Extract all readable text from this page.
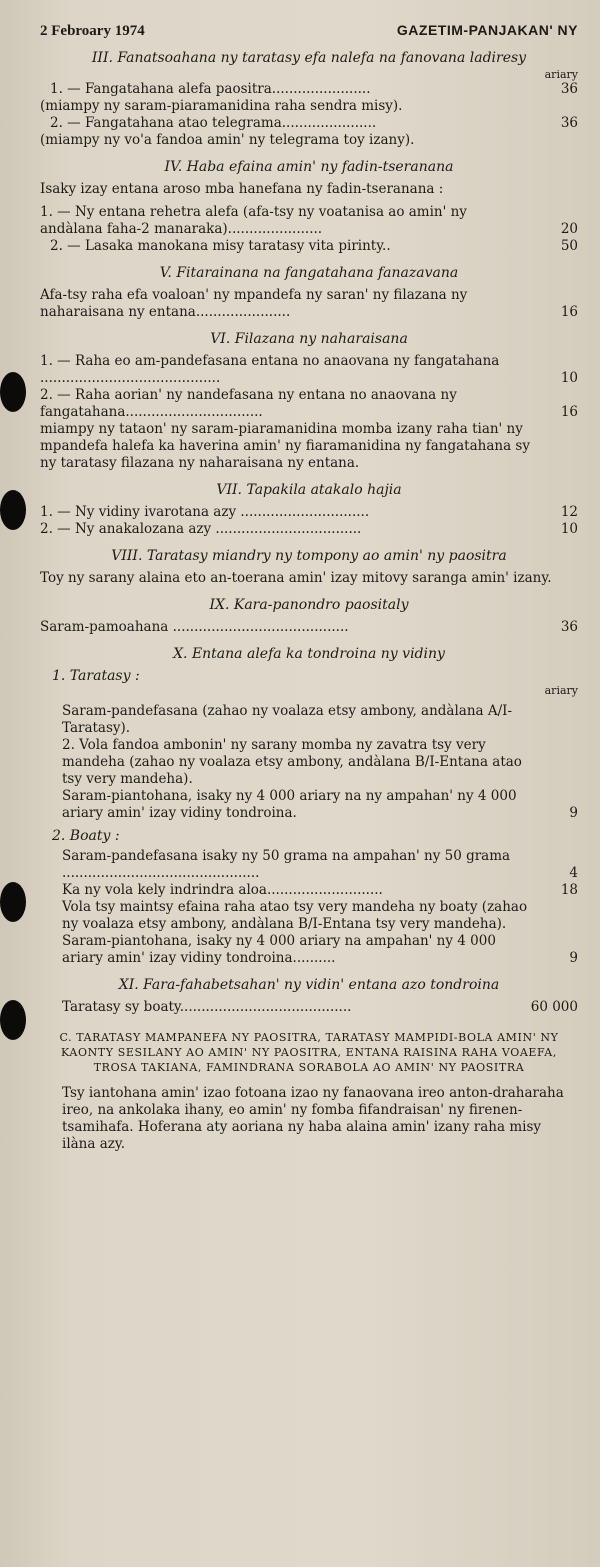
2 Febroary 1974	GAZETIM-PANJAKAN' NY
III. Fanatsoahana ny taratasy efa nalefa na fanovana ladiresy
ariary
1. — Fangatahana alefa paositra.......................	36
(miampy ny saram-piaramanidina raha sendra misy).
2. — Fangatahana atao telegrama......................	36
(miampy ny vo'a fandoa amin' ny telegrama toy izany).
IV. Haba efaina amin' ny fadin-tseranana

Isaky izay entana aroso mba hanefana ny fadin-tseranana :

1. — Ny entana rehetra alefa (afa-tsy ny voatanisa ao amin' ny andàlana faha-2 manaraka)......................	20
2. — Lasaka manokana misy taratasy vita pirinty..	50
V. Fitarainana na fangatahana fanazavana
Afa-tsy raha efa voaloan' ny mpandefa ny saran' ny filazana ny naharaisana ny entana......................	16
VI. Filazana ny naharaisana
1. — Raha eo am-pandefasana entana no anaovana ny fangatahana ..........................................	10
2. — Raha aorian' ny nandefasana ny entana no anaovana ny fangatahana................................	16

miampy ny tataon' ny saram-piaramanidina momba izany raha tian' ny mpandefa halefa ka haverina amin' ny fiaramanidina ny fangatahana sy ny taratasy filazana ny naharaisana ny entana.

VII. Tapakila atakalo hajia
1. — Ny vidiny ivarotana azy ..............................	12
2. — Ny anakalozana azy ..................................	10
VIII. Taratasy miandry ny tompony ao amin' ny paositra

Toy ny sarany alaina eto an-toerana amin' izay mitovy saranga amin' izany.

IX. Kara-panondro paositaly
Saram-pamoahana .........................................	36
X. Entana alefa ka tondroina ny vidiny
1. Taratasy :
ariary

Saram-pandefasana (zahao ny voalaza etsy ambony, andàlana A/I-Taratasy).

2. Vola fandoa ambonin' ny sarany momba ny zavatra tsy very mandeha (zahao ny voalaza etsy ambony, andàlana B/I-Entana atao tsy very mandeha).

Saram-piantohana, isaky ny 4 000 ariary na ny ampahan' ny 4 000 ariary amin' izay vidiny tondroina.	9
2. Boaty :
Saram-pandefasana isaky ny 50 grama na ampahan' ny 50 grama ..............................................	4
Ka ny vola kely indrindra aloa...........................	18

Vola tsy maintsy efaina raha atao tsy very mandeha ny boaty (zahao ny voalaza etsy ambony, andàlana B/I-Entana tsy very mandeha).

Saram-piantohana, isaky ny 4 000 ariary na ampahan' ny 4 000 ariary amin' izay vidiny tondroina..........	9
XI. Fara-fahabetsahan' ny vidin' entana azo tondroina
Taratasy sy boaty........................................	60 000
C. TARATASY MAMPANEFA NY PAOSITRA, TARATASY MAMPIDI-BOLA AMIN' NY KAONTY SESILANY AO AMIN' NY PAOSITRA, ENTANA RAISINA RAHA VOAEFA, TROSA TAKIANA, FAMINDRANA SORABOLA AO AMIN' NY PAOSITRA

Tsy iantohana amin' izao fotoana izao ny fanaovana ireo anton-draharaha ireo, na ankolaka ihany, eo amin' ny fomba fifandraisan' ny firenen-tsamihafa. Hoferana aty aoriana ny haba alaina amin' izany raha misy ilàna azy.
